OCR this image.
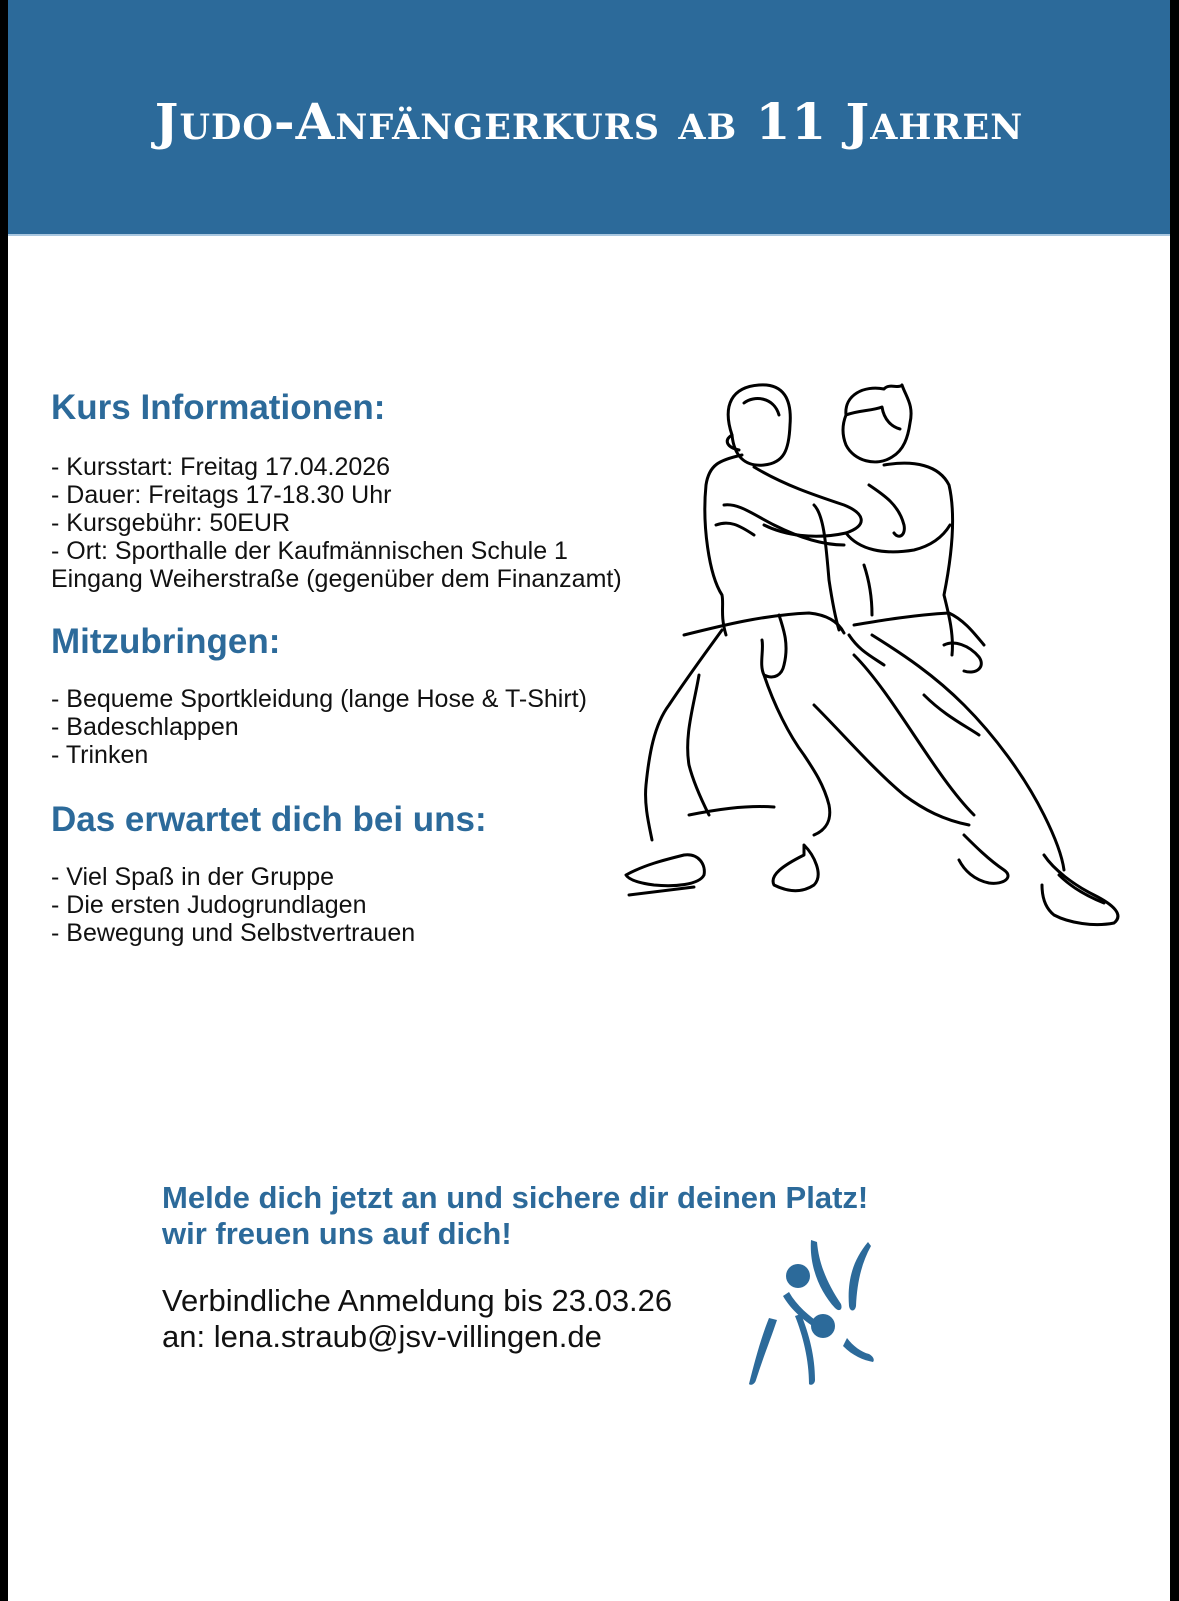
Judo-Anfängerkurs ab 11 Jahren
Kurs Informationen:
- Kursstart: Freitag 17.04.2026
- Dauer: Freitags 17-18.30 Uhr
- Kursgebühr: 50EUR
- Ort: Sporthalle der Kaufmännischen Schule 1
Eingang Weiherstraße (gegenüber dem Finanzamt)
Mitzubringen:
- Bequeme Sportkleidung (lange Hose & T-Shirt)
- Badeschlappen
- Trinken
Das erwartet dich bei uns:
- Viel Spaß in der Gruppe
- Die ersten Judogrundlagen
- Bewegung und Selbstvertrauen
Melde dich jetzt an und sichere dir deinen Platz!
wir freuen uns auf dich!
Verbindliche Anmeldung bis 23.03.26
an: lena.straub@jsv-villingen.de
